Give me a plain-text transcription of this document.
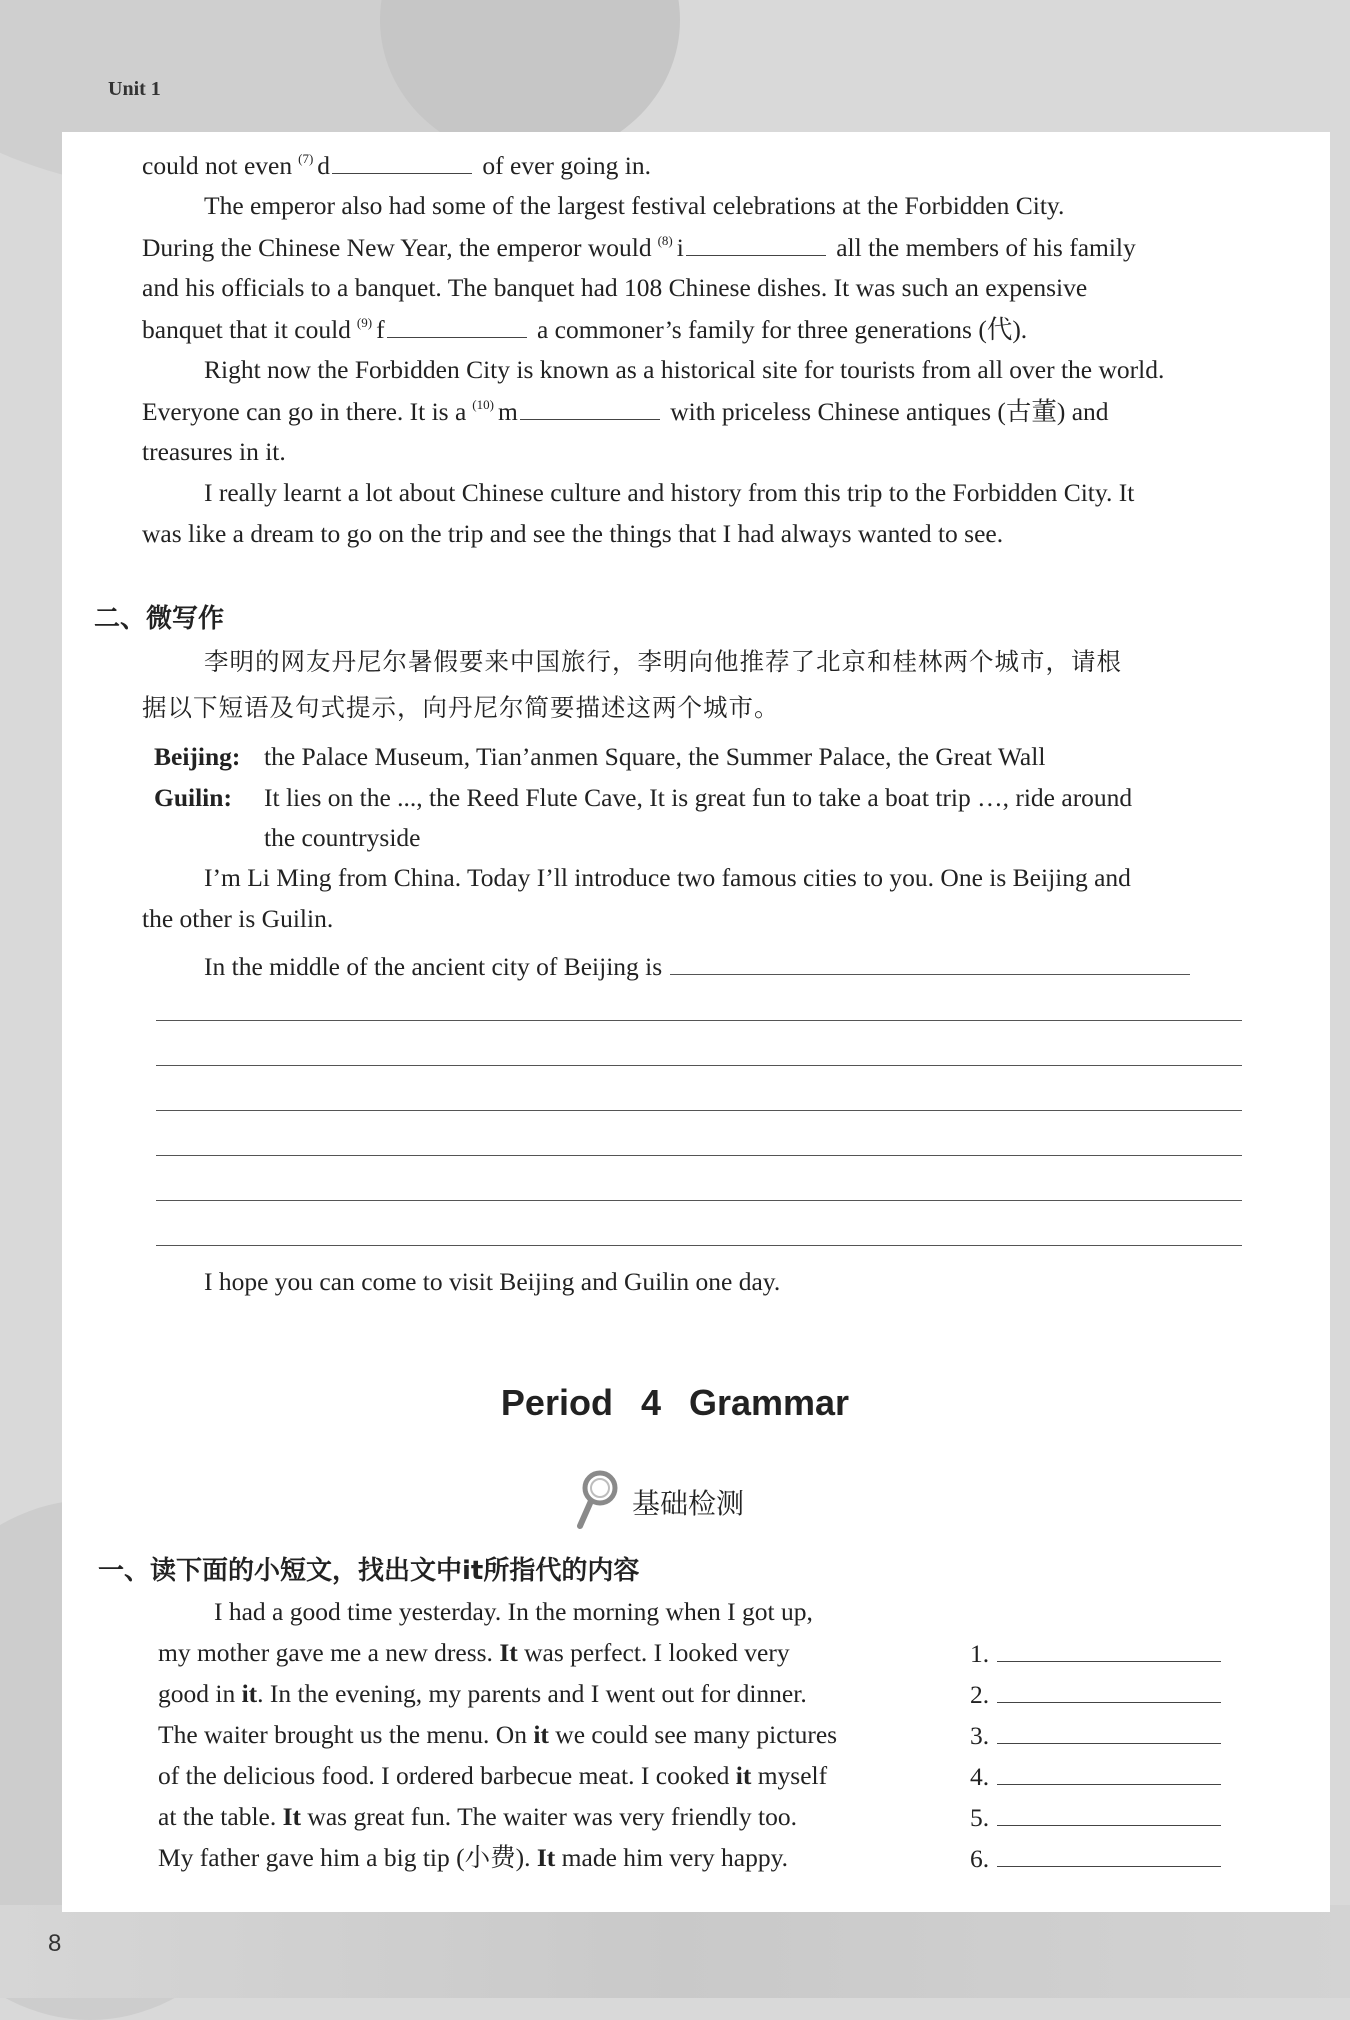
Unit 1
8
could not even $^{(7)}$ d	of ever going in.
The emperor also had some of the largest festival celebrations at the Forbidden City.
During the Chinese New Year, the emperor would $^{(8)}$ i	all the members of his family
and his officials to a banquet. The banquet had 108 Chinese dishes. It was such an expensive
banquet that it could $^{(9)}$ f	a commoner’s family for three generations (代).
Right now the Forbidden City is known as a historical site for tourists from all over the world.
Everyone can go in there. It is a $^{(10)}$ m	with priceless Chinese antiques (古董) and
treasures in it.
I really learnt a lot about Chinese culture and history from this trip to the Forbidden City. It
was like a dream to go on the trip and see the things that I had always wanted to see.
二、微写作
李明的网友丹尼尔暑假要来中国旅行，李明向他推荐了北京和桂林两个城市，请根
据以下短语及句式提示，向丹尼尔简要描述这两个城市。
Beijing: the Palace Museum, Tian’anmen Square, the Summer Palace, the Great Wall
Guilin: It lies on the ..., the Reed Flute Cave, It is great fun to take a boat trip …, ride around
the countryside
I’m Li Ming from China. Today I’ll introduce two famous cities to you. One is Beijing and
the other is Guilin.
In the middle of the ancient city of Beijing is
I hope you can come to visit Beijing and Guilin one day.
Period 4 Grammar
基础检测
一、读下面的小短文，找出文中it所指代的内容
I had a good time yesterday. In the morning when I got up,
my mother gave me a new dress. It was perfect. I looked very
good in it. In the evening, my parents and I went out for dinner.
The waiter brought us the menu. On it we could see many pictures
of the delicious food. I ordered barbecue meat. I cooked it myself
at the table. It was great fun. The waiter was very friendly too.
My father gave him a big tip (小费). It made him very happy.
1.
2.
3.
4.
5.
6.
